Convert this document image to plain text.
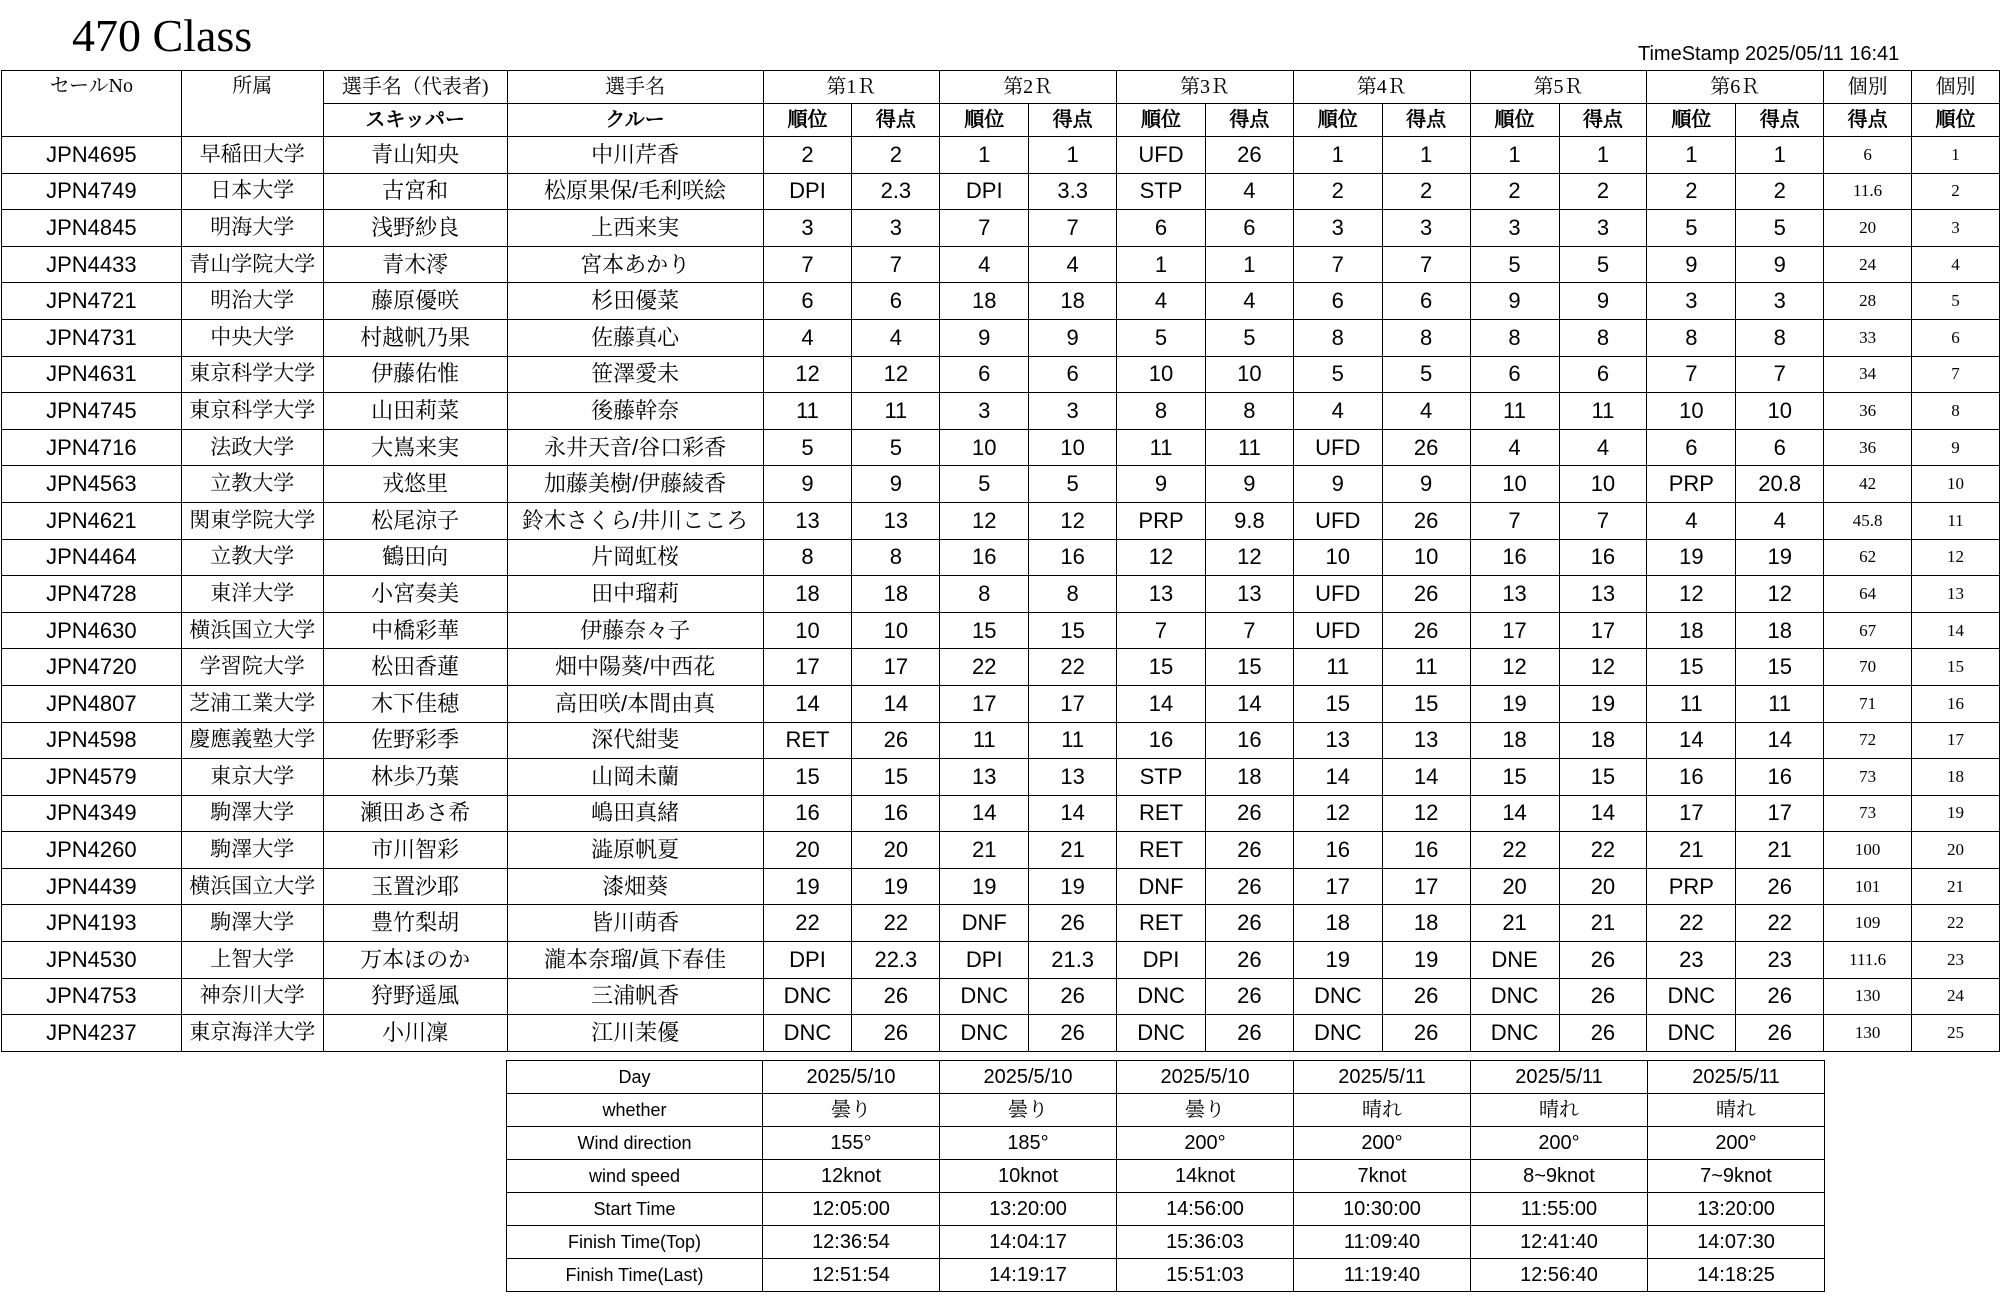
470 Class	TimeStamp 2025/05/11 16:41
セールNo	所属	選手名（代表者)	選手名	第1Ｒ		第2Ｒ		第3Ｒ		第4Ｒ		第5Ｒ		第6Ｒ		個別	個別
		スキッパー	クルー	順位	得点	順位	得点	順位	得点	順位	得点	順位	得点	順位	得点	得点	順位
JPN4695	早稲田大学	青山知央	中川芹香	2	2	1	1	UFD	26	1	1	1	1	1	1	6	1
JPN4749	日本大学	古宮和	松原果保/毛利咲絵	DPI	2.3	DPI	3.3	STP	4	2	2	2	2	2	2	11.6	2
JPN4845	明海大学	浅野紗良	上西来実	3	3	7	7	6	6	3	3	3	3	5	5	20	3
JPN4433	青山学院大学	青木澪	宮本あかり	7	7	4	4	1	1	7	7	5	5	9	9	24	4
JPN4721	明治大学	藤原優咲	杉田優菜	6	6	18	18	4	4	6	6	9	9	3	3	28	5
JPN4731	中央大学	村越帆乃果	佐藤真心	4	4	9	9	5	5	8	8	8	8	8	8	33	6
JPN4631	東京科学大学	伊藤佑惟	笹澤愛未	12	12	6	6	10	10	5	5	6	6	7	7	34	7
JPN4745	東京科学大学	山田莉菜	後藤幹奈	11	11	3	3	8	8	4	4	11	11	10	10	36	8
JPN4716	法政大学	大嶌来実	永井天音/谷口彩香	5	5	10	10	11	11	UFD	26	4	4	6	6	36	9
JPN4563	立教大学	戎悠里	加藤美樹/伊藤綾香	9	9	5	5	9	9	9	9	10	10	PRP	20.8	42	10
JPN4621	関東学院大学	松尾涼子	鈴木さくら/井川こころ	13	13	12	12	PRP	9.8	UFD	26	7	7	4	4	45.8	11
JPN4464	立教大学	鶴田向	片岡虹桜	8	8	16	16	12	12	10	10	16	16	19	19	62	12
JPN4728	東洋大学	小宮奏美	田中瑠莉	18	18	8	8	13	13	UFD	26	13	13	12	12	64	13
JPN4630	横浜国立大学	中橋彩華	伊藤奈々子	10	10	15	15	7	7	UFD	26	17	17	18	18	67	14
JPN4720	学習院大学	松田香蓮	畑中陽葵/中西花	17	17	22	22	15	15	11	11	12	12	15	15	70	15
JPN4807	芝浦工業大学	木下佳穂	高田咲/本間由真	14	14	17	17	14	14	15	15	19	19	11	11	71	16
JPN4598	慶應義塾大学	佐野彩季	深代紺斐	RET	26	11	11	16	16	13	13	18	18	14	14	72	17
JPN4579	東京大学	林歩乃葉	山岡未蘭	15	15	13	13	STP	18	14	14	15	15	16	16	73	18
JPN4349	駒澤大学	瀬田あさ希	嶋田真緒	16	16	14	14	RET	26	12	12	14	14	17	17	73	19
JPN4260	駒澤大学	市川智彩	澁原帆夏	20	20	21	21	RET	26	16	16	22	22	21	21	100	20
JPN4439	横浜国立大学	玉置沙耶	漆畑葵	19	19	19	19	DNF	26	17	17	20	20	PRP	26	101	21
JPN4193	駒澤大学	豊竹梨胡	皆川萌香	22	22	DNF	26	RET	26	18	18	21	21	22	22	109	22
JPN4530	上智大学	万本ほのか	瀧本奈瑠/眞下春佳	DPI	22.3	DPI	21.3	DPI	26	19	19	DNE	26	23	23	111.6	23
JPN4753	神奈川大学	狩野遥風	三浦帆香	DNC	26	DNC	26	DNC	26	DNC	26	DNC	26	DNC	26	130	24
JPN4237	東京海洋大学	小川凜	江川茉優	DNC	26	DNC	26	DNC	26	DNC	26	DNC	26	DNC	26	130	25
Day	2025/5/10	2025/5/10	2025/5/10	2025/5/11	2025/5/11	2025/5/11
whether	曇り	曇り	曇り	晴れ	晴れ	晴れ
Wind direction	155°	185°	200°	200°	200°	200°
wind speed	12knot	10knot	14knot	7knot	8~9knot	7~9knot
Start Time	12:05:00	13:20:00	14:56:00	10:30:00	11:55:00	13:20:00
Finish Time(Top)	12:36:54	14:04:17	15:36:03	11:09:40	12:41:40	14:07:30
Finish Time(Last)	12:51:54	14:19:17	15:51:03	11:19:40	12:56:40	14:18:25
